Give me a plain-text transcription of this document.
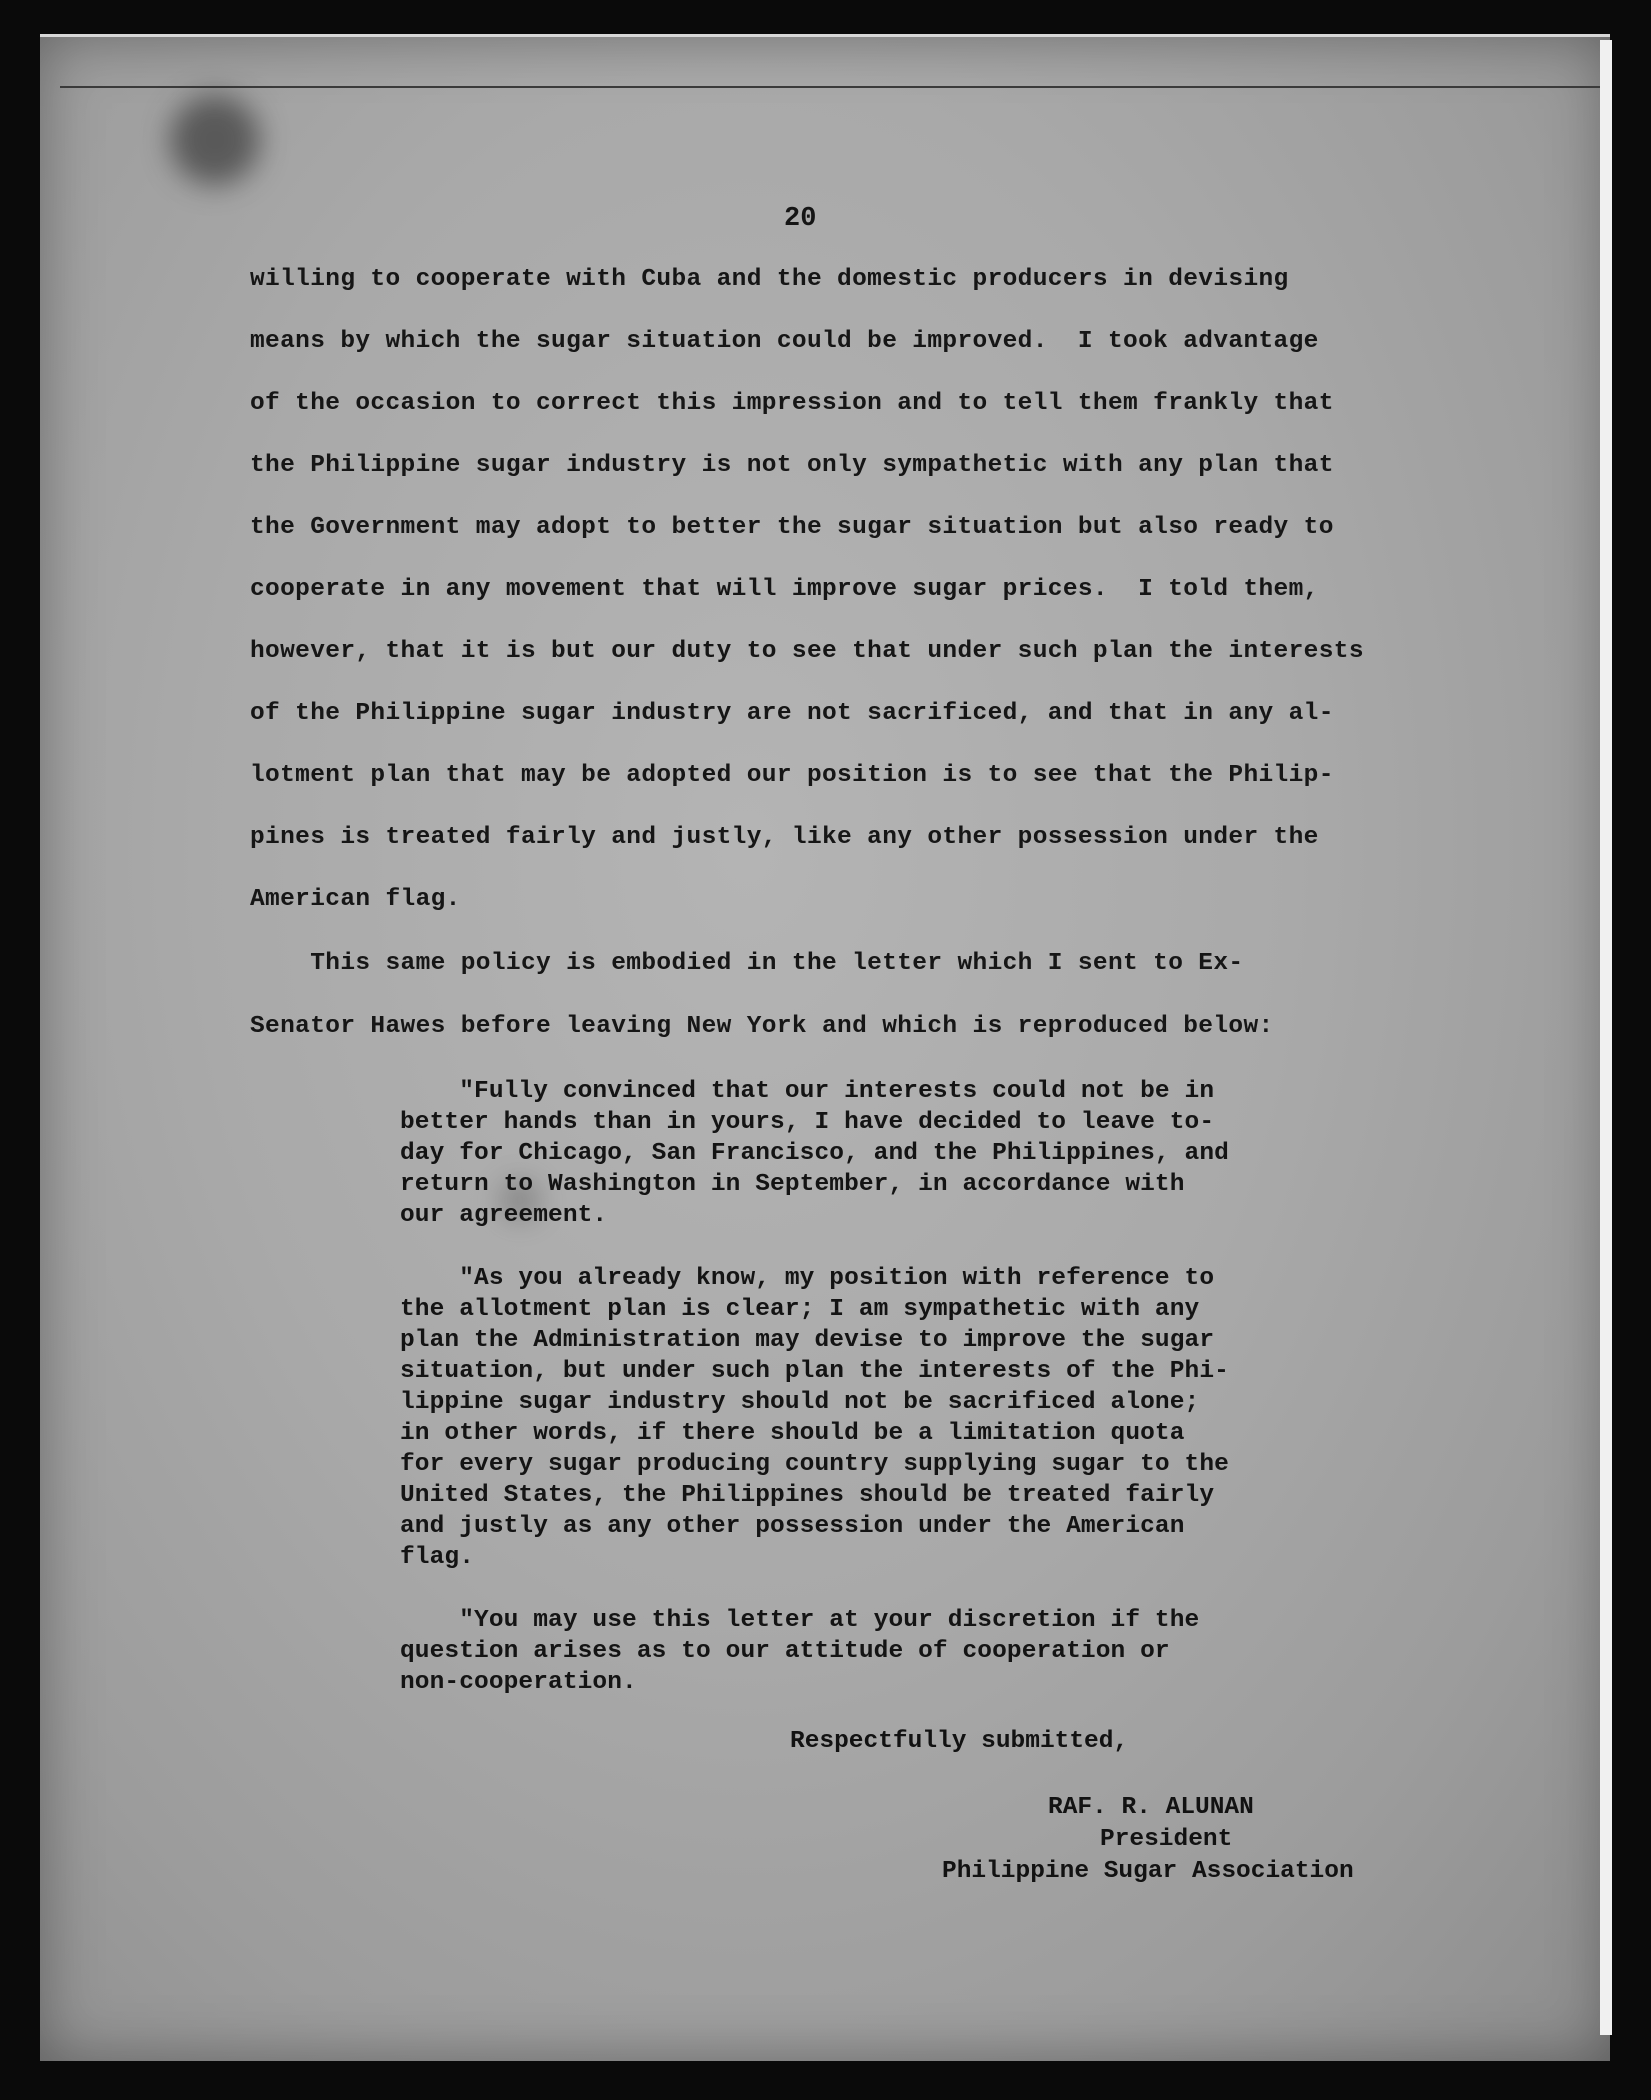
20
willing to cooperate with Cuba and the domestic producers in devising
means by which the sugar situation could be improved.  I took advantage
of the occasion to correct this impression and to tell them frankly that
the Philippine sugar industry is not only sympathetic with any plan that
the Government may adopt to better the sugar situation but also ready to
cooperate in any movement that will improve sugar prices.  I told them,
however, that it is but our duty to see that under such plan the interests
of the Philippine sugar industry are not sacrificed, and that in any al-
lotment plan that may be adopted our position is to see that the Philip-
pines is treated fairly and justly, like any other possession under the
American flag.
This same policy is embodied in the letter which I sent to Ex-
Senator Hawes before leaving New York and which is reproduced below:
"Fully convinced that our interests could not be in
better hands than in yours, I have decided to leave to-
day for Chicago, San Francisco, and the Philippines, and
return to Washington in September, in accordance with
our agreement.
"As you already know, my position with reference to
the allotment plan is clear; I am sympathetic with any
plan the Administration may devise to improve the sugar
situation, but under such plan the interests of the Phi-
lippine sugar industry should not be sacrificed alone;
in other words, if there should be a limitation quota
for every sugar producing country supplying sugar to the
United States, the Philippines should be treated fairly
and justly as any other possession under the American
flag.
"You may use this letter at your discretion if the
question arises as to our attitude of cooperation or
non-cooperation.
Respectfully submitted,
RAF. R. ALUNAN
President
Philippine Sugar Association
